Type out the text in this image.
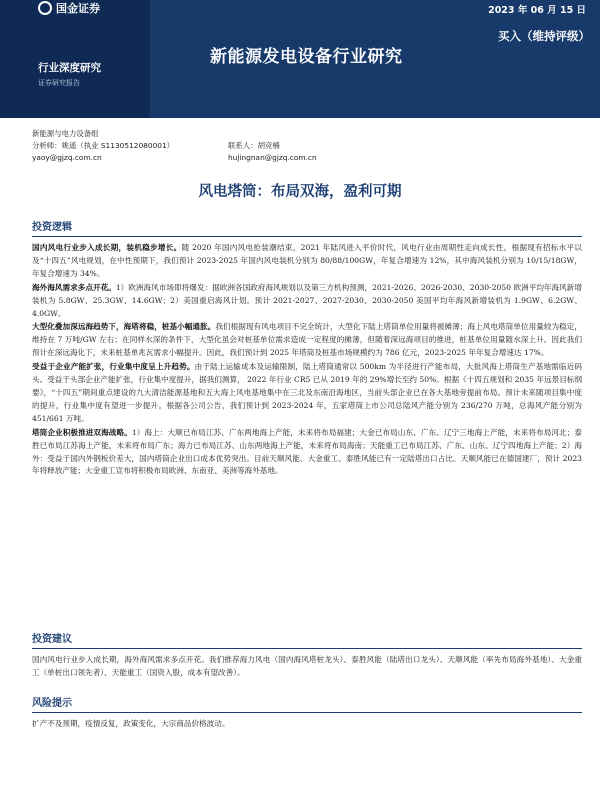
国金证券
行业深度研究
证券研究报告
2023 年 06 月 15 日
新能源发电设备行业研究
买入（维持评级）
新能源与电力设备组
分析师：姚遥（执业 S1130512080001）	联系人：胡竞楠
yaoy@gjzq.com.cn	hujingnan@gjzq.com.cn
风电塔筒：布局双海，盈利可期
投资逻辑

国内风电行业步入成长期，装机稳步增长。随 2020 年国内风电抢装潮结束，2021 年陆风进入平价时代，风电行业由周期性走向成长性。根据现有招标水平以及“十四五”风电规划，在中性预期下，我们预计 2023-2025 年国内风电装机分别为 80/88/100GW，年复合增速为 12%，其中海风装机分别为 10/15/18GW，年复合增速为 34%。

海外海风需求多点开花。1）欧洲海风市场即将爆发：据欧洲各国政府海风规划以及第三方机构预测，2021-2026、2026-2030、2030-2050 欧洲平均年海风新增装机为 5.8GW、25.3GW、14.6GW；2）美国重启海风计划。预计 2021-2027、2027-2030、2030-2050 美国平均年海风新增装机为 1.9GW、6.2GW、4.0GW。

大型化叠加深远海趋势下，海塔将稳，桩基小幅通胀。我们根据现有风电项目不完全统计，大型化下陆上塔筒单位用量将被摊薄；海上风电塔筒单位用量较为稳定，维持在 7 万吨/GW 左右；在同样水深的条件下，大型化虽会对桩基单位需求造成一定程度的摊薄，但随着深远海项目的推进，桩基单位用量随水深上升。因此我们预计在深远海化下，未来桩基单兆瓦需求小幅提升。因此，我们预计到 2025 年塔筒及桩基市场规模约为 786 亿元，2023-2025 年年复合增速达 17%。

受益于企业产能扩张，行业集中度呈上升趋势。由于陆上运输成本及运输限制，陆上塔筒通常以 500km 为半径进行产能布局，大批风海上塔筒生产基地需临近码头。受益于头部企业产能扩张，行业集中度提升，据我们测算， 2022 年行业 CR5 已从 2019 年的 29%增长至约 50%。根据《十四五规划和 2035 年远景目标纲要》，“十四五”期间重点建设的九大清洁能源基地和五大海上风电基地集中在三北及东南沿海地区，当前头部企业已在各大基地旁提前布局。预计未来随项目集中度的提升，行业集中度有望进一步提升。根据各公司公告，我们预计到 2023-2024 年，五家塔筒上市公司总陆风产能分别为 236/270 万吨，总海风产能分别为 451/661 万吨。

塔筒企业积极推进双海战略。1）海上：大顺已布局江苏、广东两地海上产能，未来将布局福建；大金已布局山东、广东、辽宁三地海上产能，未来将布局河北；泰胜已布局江苏海上产能，未来将布局广东；海力已布局江苏、山东两地海上产能，未来将布局海南；天能重工已布局江苏、广东、山东、辽宁四地海上产能；2）海外：受益于国内外钢板价差大，国内塔筒企业出口成本优势突出。目前天顺风能、大金重工、泰胜风能已有一定陆塔出口占比。天顺风能已在德国建厂，预计 2023 年将释放产能；大金重工宣布将积极布局欧洲、东南亚、美洲等海外基地。

投资建议

国内风电行业步入成长期，海外海风需求多点开花。我们推荐海力风电（国内海风塔桩龙头）、泰胜风能（陆塔出口龙头）、天顺风能（率先布局海外基地）、大金重工（单桩出口领先者）、天能重工（国资入股，成本有望改善）。

风险提示

扩产不及预期，疫情反复，政策变化，大宗商品价格波动。
